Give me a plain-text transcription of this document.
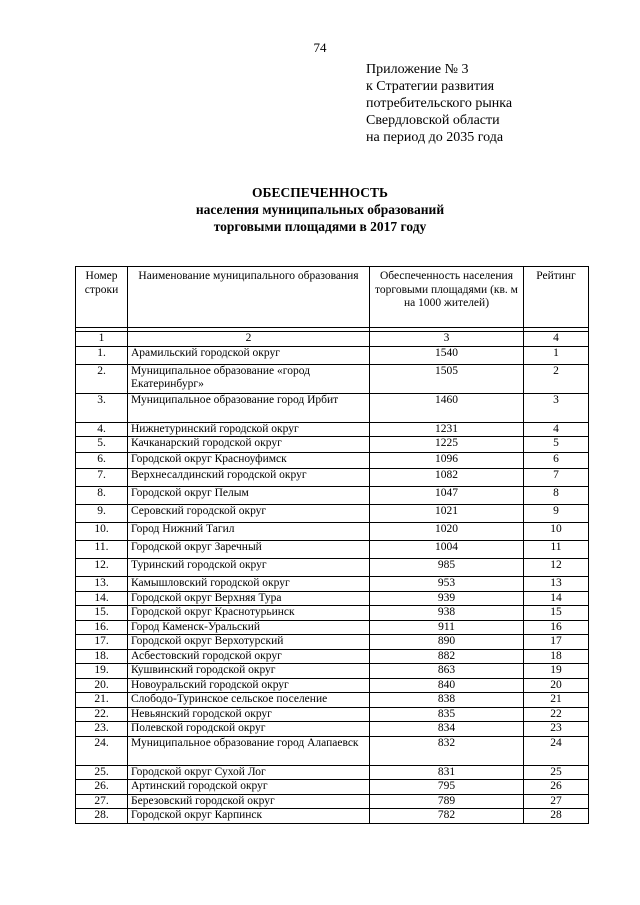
74
Приложение № 3
к Стратегии развития
потребительского рынка
Свердловской области
на период до 2035 года
ОБЕСПЕЧЕННОСТЬ
населения муниципальных образований
торговыми площадями в 2017 году
Номер строки	Наименование муниципального образования	Обеспеченность населения торговыми площадями (кв. м на 1000 жителей)	Рейтинг

1	2	3	4
1.	Арамильский городской округ	1540	1
2.	Муниципальное образование «город Екатеринбург»	1505	2
3.	Муниципальное образование город Ирбит	1460	3
4.	Нижнетуринский городской округ	1231	4
5.	Качканарский городской округ	1225	5
6.	Городской округ Красноуфимск	1096	6
7.	Верхнесалдинский городской округ	1082	7
8.	Городской округ Пелым	1047	8
9.	Серовский городской округ	1021	9
10.	Город Нижний Тагил	1020	10
11.	Городской округ Заречный	1004	11
12.	Туринский городской округ	985	12
13.	Камышловский городской округ	953	13
14.	Городской округ Верхняя Тура	939	14
15.	Городской округ Краснотурьинск	938	15
16.	Город Каменск-Уральский	911	16
17.	Городской округ Верхотурский	890	17
18.	Асбестовский городской округ	882	18
19.	Кушвинский городской округ	863	19
20.	Новоуральский городской округ	840	20
21.	Слободо-Туринское сельское поселение	838	21
22.	Невьянский городской округ	835	22
23.	Полевской городской округ	834	23
24.	Муниципальное образование город Алапаевск	832	24
25.	Городской округ Сухой Лог	831	25
26.	Артинский городской округ	795	26
27.	Березовский городской округ	789	27
28.	Городской округ Карпинск	782	28
